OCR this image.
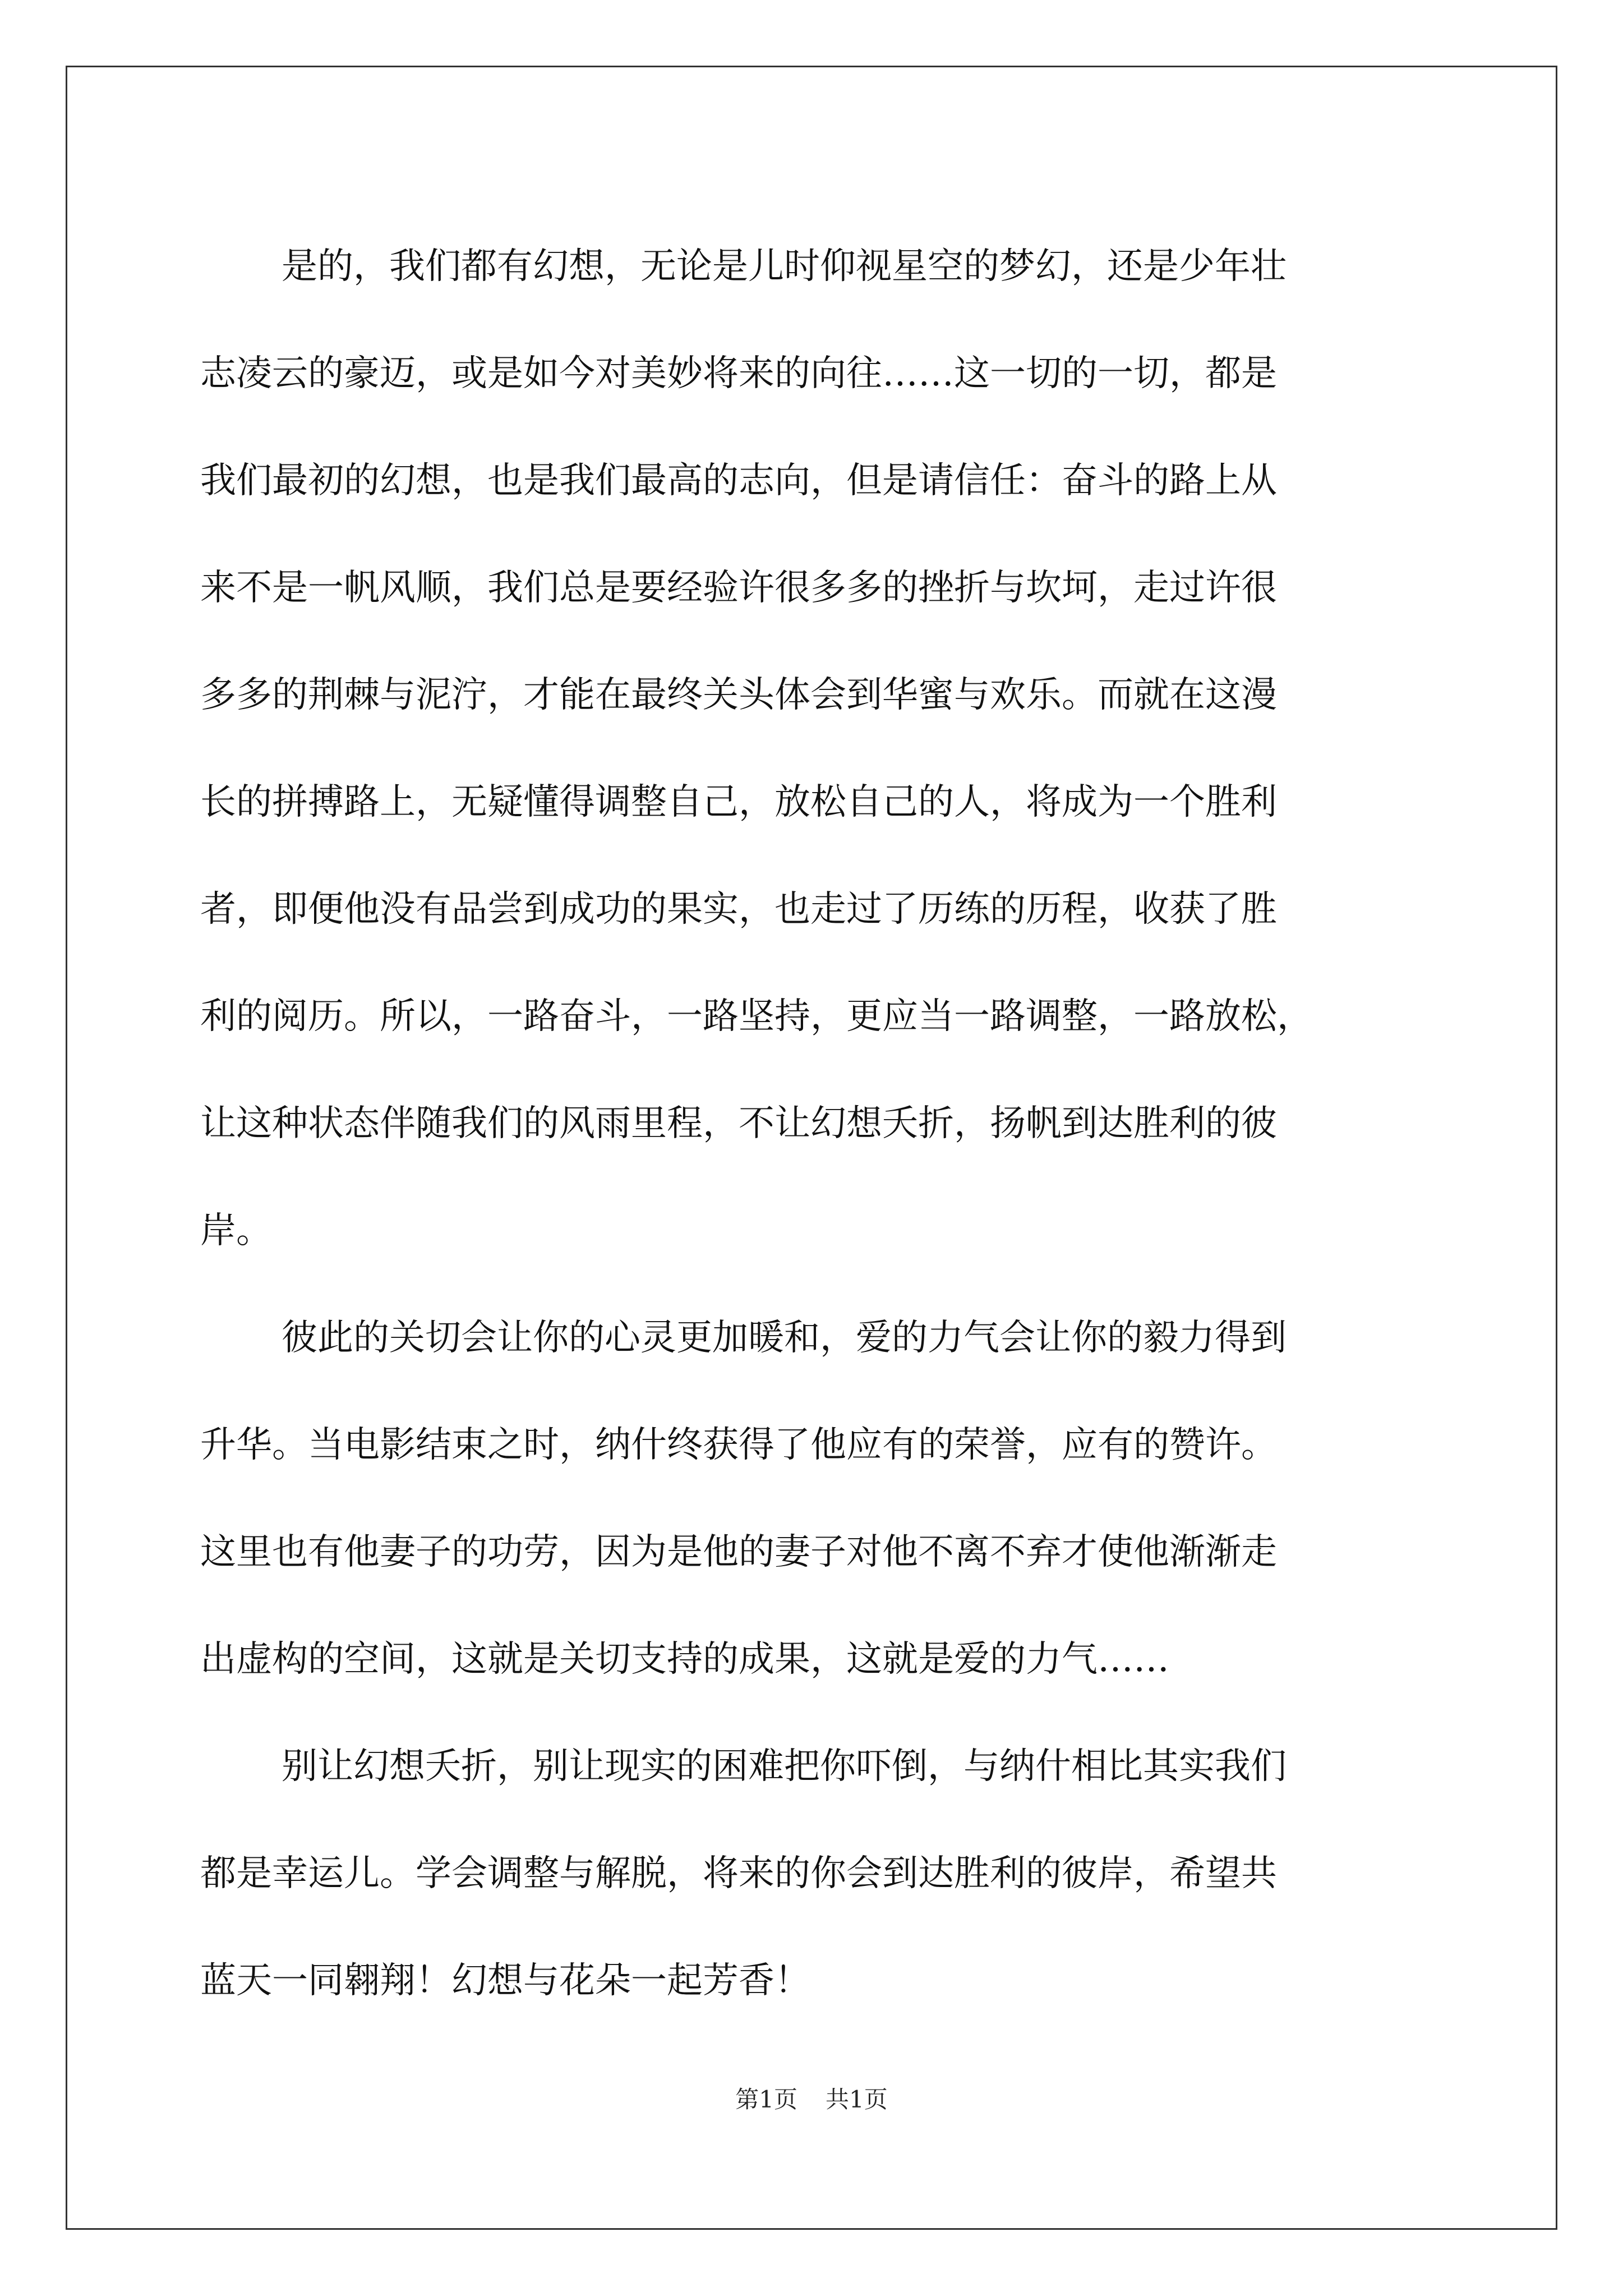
是的，我们都有幻想，无论是儿时仰视星空的梦幻，还是少年壮
志凌云的豪迈，或是如今对美妙将来的向往……这一切的一切，都是
我们最初的幻想，也是我们最高的志向，但是请信任：奋斗的路上从
来不是一帆风顺，我们总是要经验许很多多的挫折与坎坷，走过许很
多多的荆棘与泥泞，才能在最终关头体会到华蜜与欢乐。而就在这漫
长的拼搏路上，无疑懂得调整自己，放松自己的人，将成为一个胜利
者，即便他没有品尝到成功的果实，也走过了历练的历程，收获了胜
利的阅历。所以，一路奋斗，一路坚持，更应当一路调整，一路放松，
让这种状态伴随我们的风雨里程，不让幻想夭折，扬帆到达胜利的彼
岸。
彼此的关切会让你的心灵更加暖和，爱的力气会让你的毅力得到
升华。当电影结束之时，纳什终获得了他应有的荣誉，应有的赞许。
这里也有他妻子的功劳，因为是他的妻子对他不离不弃才使他渐渐走
出虚构的空间，这就是关切支持的成果，这就是爱的力气……
别让幻想夭折，别让现实的困难把你吓倒，与纳什相比其实我们
都是幸运儿。学会调整与解脱，将来的你会到达胜利的彼岸，希望共
蓝天一同翱翔！幻想与花朵一起芳香！
第1页 共1页
